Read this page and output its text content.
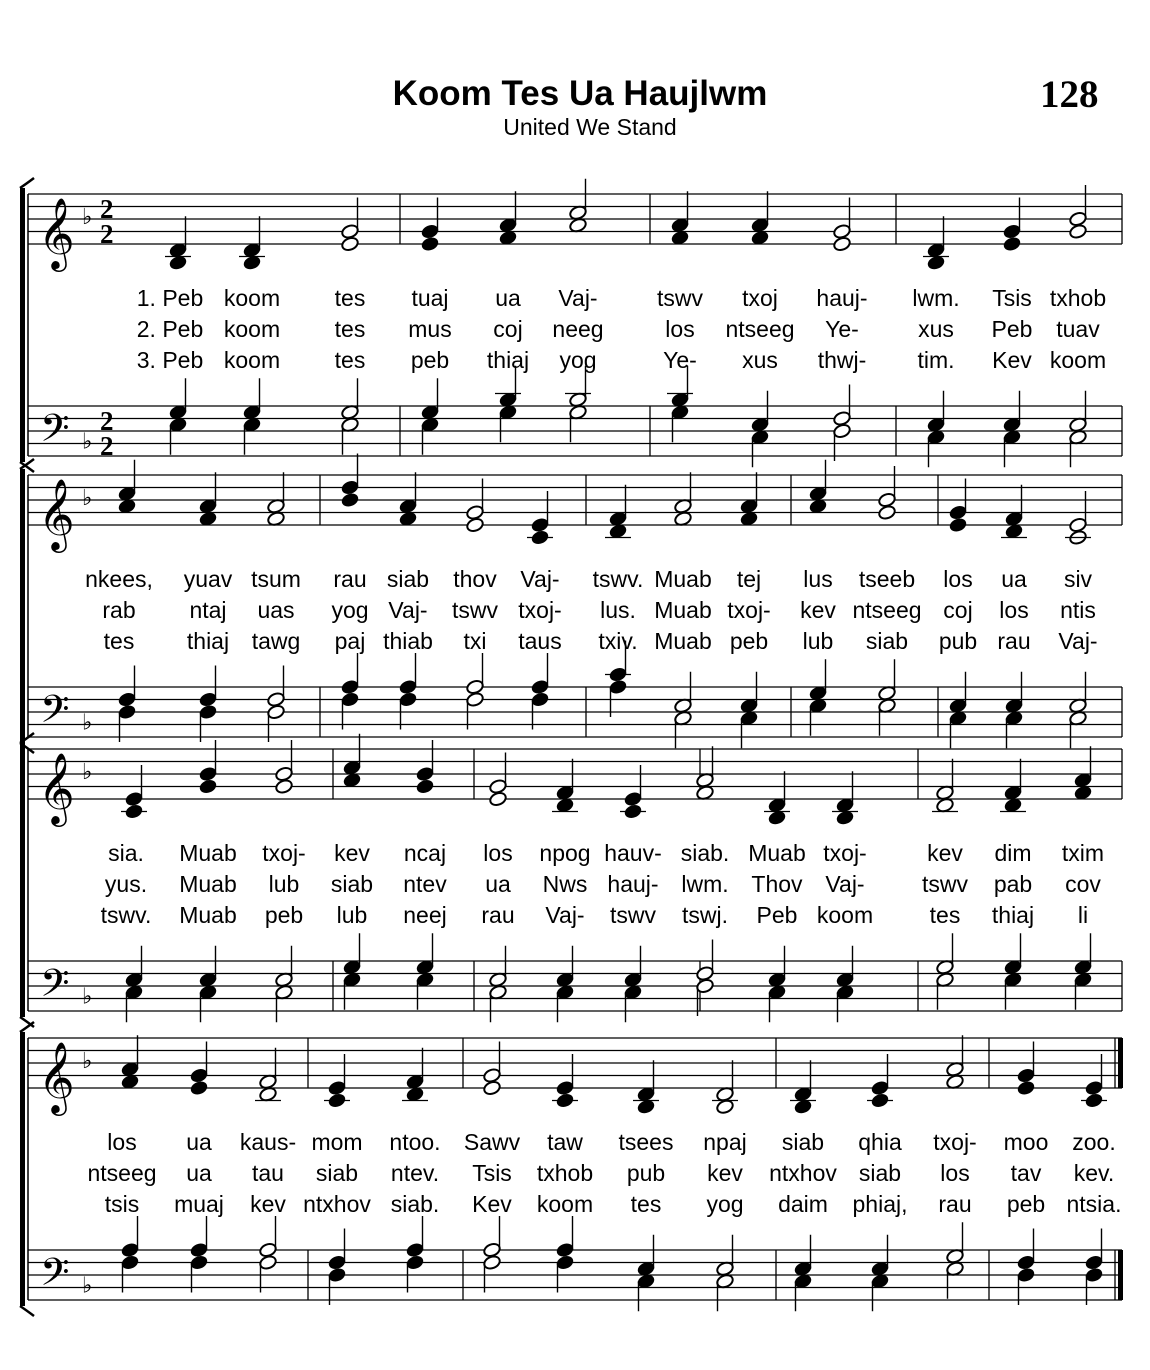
Koom Tes Ua Haujlwm
United We Stand
128
𝄞
𝄢
♭
♭
2
2
2
2
1. Peb koom tes tuaj ua Vaj-	tswv txoj hauj- lwm. Tsis txhob
2. Peb koom tes mus coj neeg	los ntseeg Ye-	xus Peb tuav
3. Peb koom tes peb thiaj yog	Ye- xus thwj- tim. Kev koom
𝄞
𝄢
♭
♭
nkees, yuav tsum rau siab thov Vaj- tswv. Muab tej lus tseeb los ua siv
rab ntaj uas yog Vaj- tswv txoj- lus. Muab txoj- kev ntseeg coj los ntis
tes thiaj tawg paj thiab txi taus txiv. Muab peb lub siab pub rau Vaj-
𝄞
𝄢
♭
♭
sia. Muab txoj- kev ncaj los npog hauv- siab. Muab txoj-	kev dim txim
yus. Muab lub siab ntev ua Nws hauj- lwm. Thov Vaj- tswv pab cov
tswv. Muab peb lub neej rau Vaj- tswv tswj. Peb koom tes thiaj li
𝄞
𝄢
♭
♭
los ua kaus- mom ntoo. Sawv taw tsees npaj siab qhia txoj- moo zoo.
ntseeg ua tau siab ntev. Tsis txhob pub kev ntxhov siab los tav kev.
tsis muaj kev ntxhov siab. Kev koom tes yog daim phiaj, rau peb ntsia.
